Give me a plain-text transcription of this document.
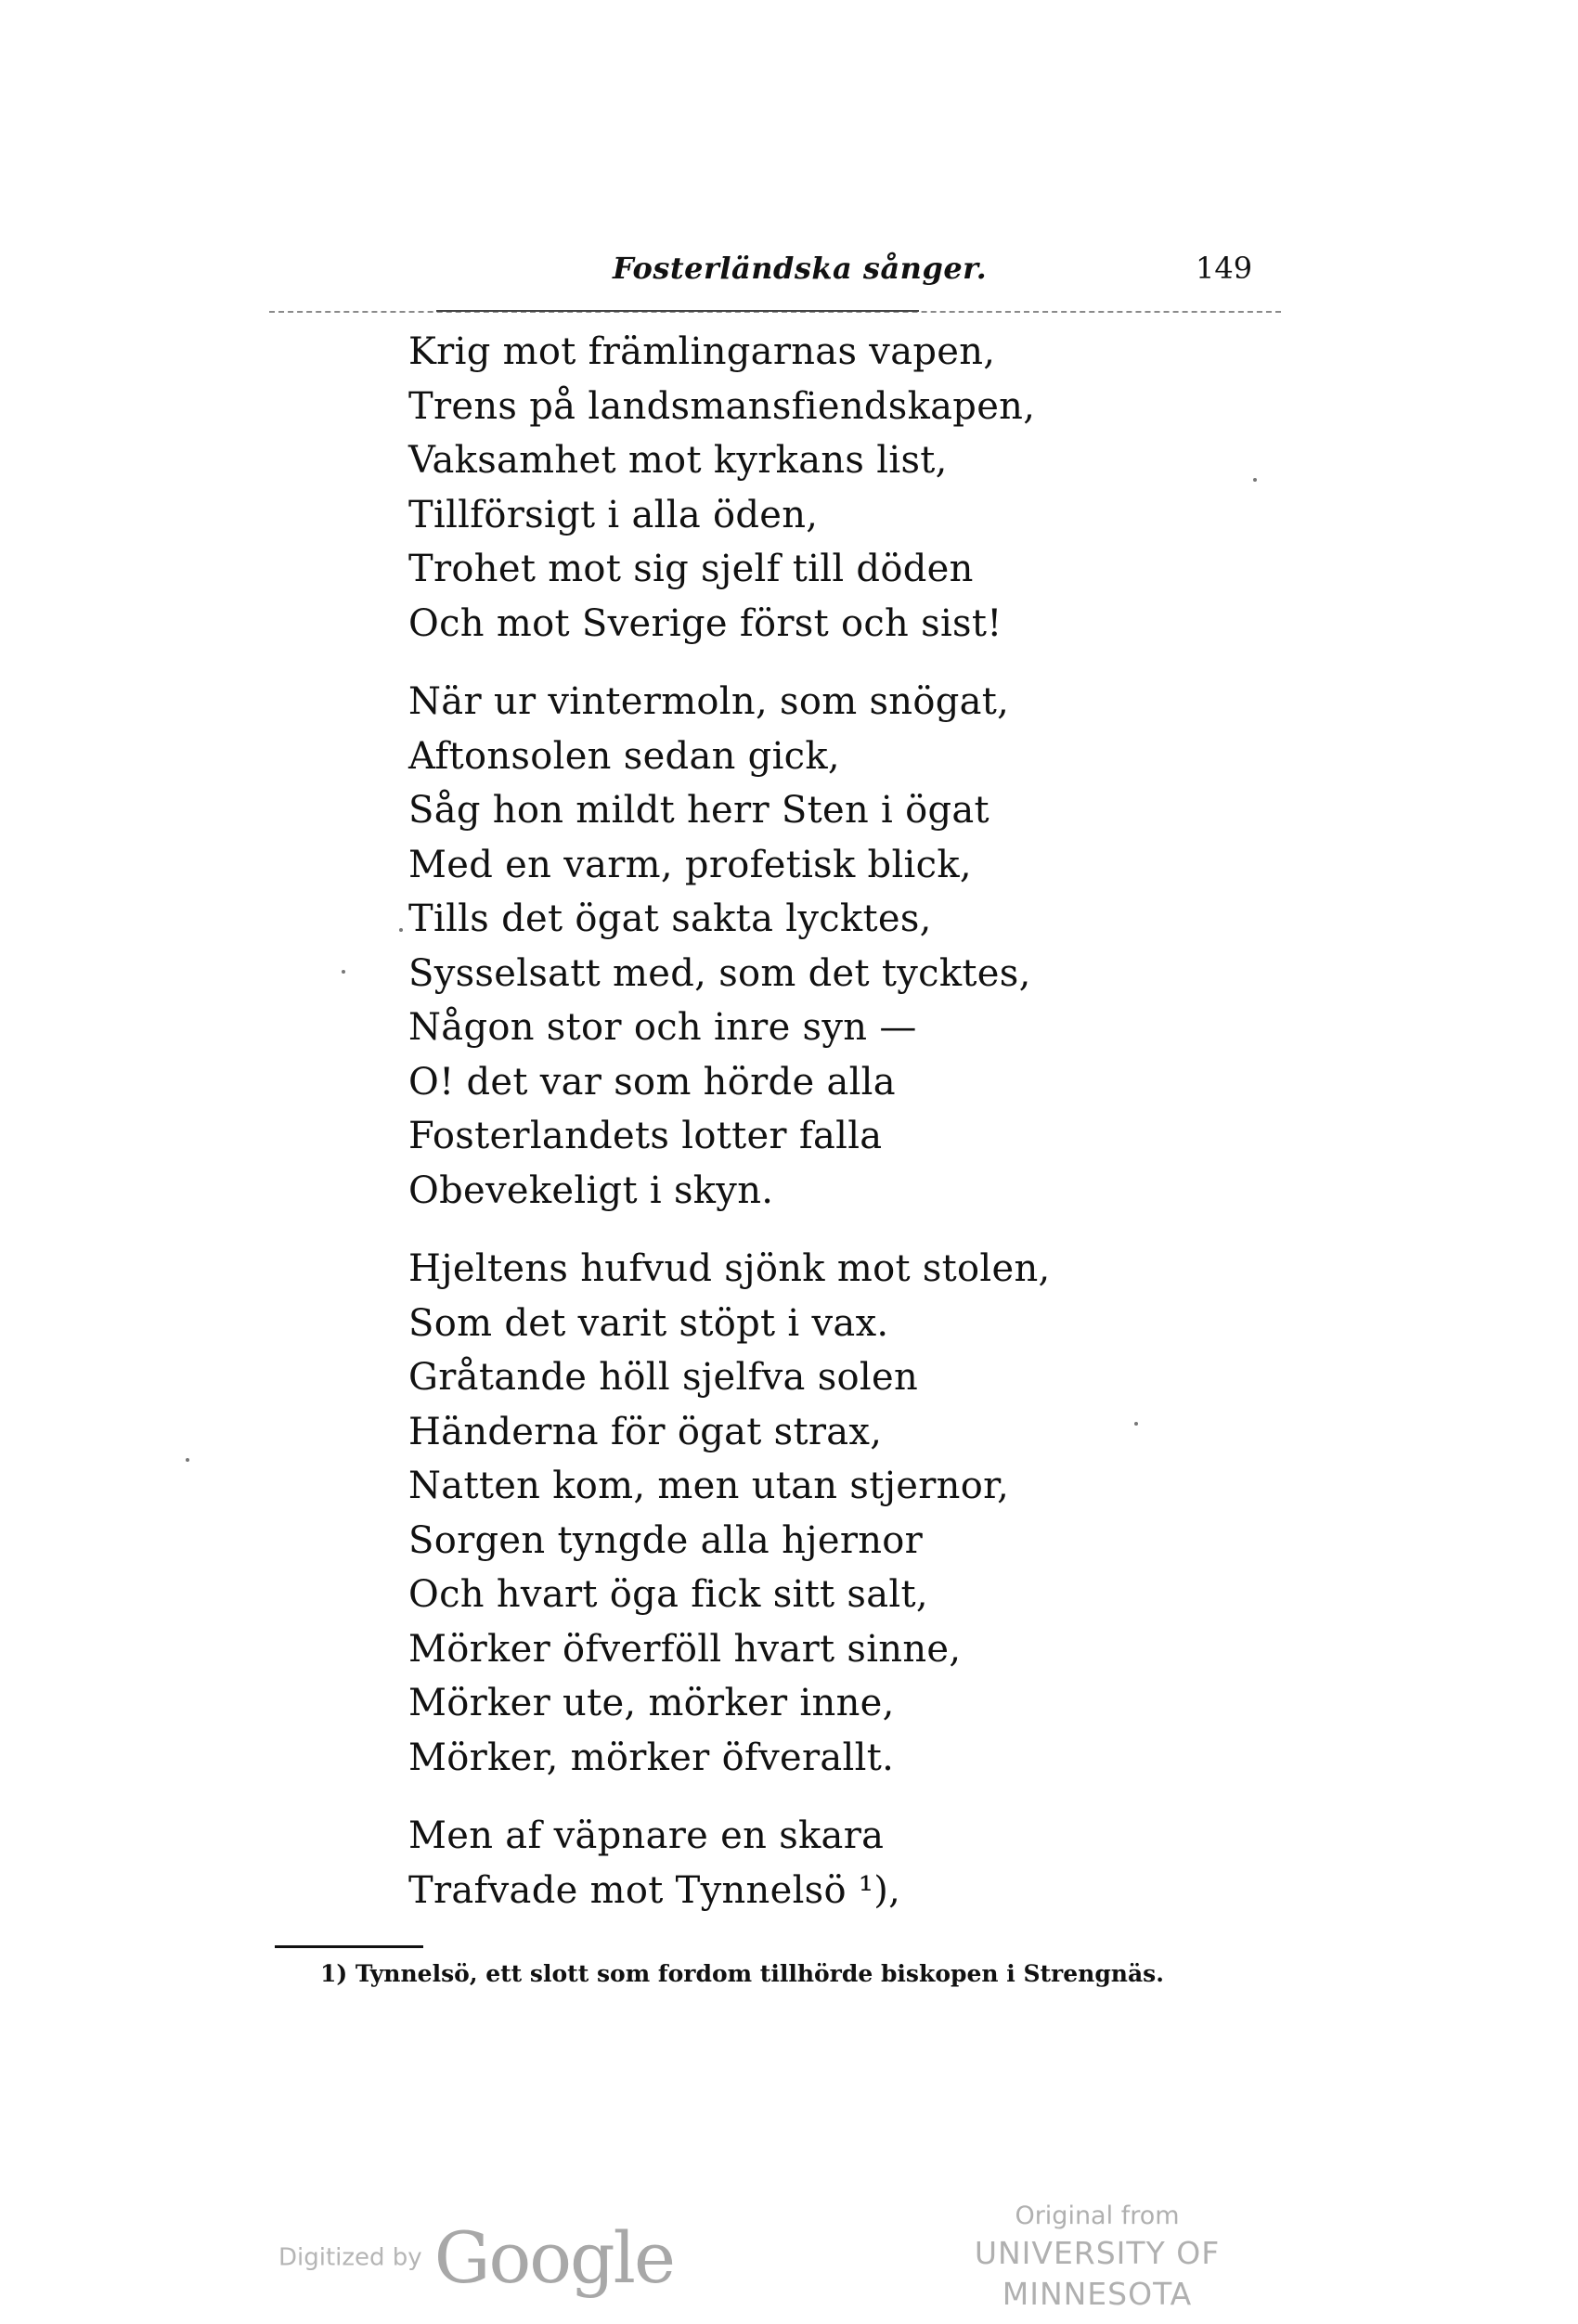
Fosterländska sånger.	149
Krig mot främlingarnas vapen,
Trens på landsmansfiendskapen,
Vaksamhet mot kyrkans list,
Tillförsigt i alla öden,
Trohet mot sig sjelf till döden
Och mot Sverige först och sist!
När ur vintermoln, som snögat,
Aftonsolen sedan gick,
Såg hon mildt herr Sten i ögat
Med en varm, profetisk blick,
Tills det ögat sakta lycktes,
Sysselsatt med, som det tycktes,
Någon stor och inre syn —
O! det var som hörde alla
Fosterlandets lotter falla
Obevekeligt i skyn.
Hjeltens hufvud sjönk mot stolen,
Som det varit stöpt i vax.
Gråtande höll sjelfva solen
Händerna för ögat strax,
Natten kom, men utan stjernor,
Sorgen tyngde alla hjernor
Och hvart öga fick sitt salt,
Mörker öfverföll hvart sinne,
Mörker ute, mörker inne,
Mörker, mörker öfverallt.
Men af väpnare en skara
Trafvade mot Tynnelsö ¹),
1) Tynnelsö, ett slott som fordom tillhörde biskopen i Strengnäs.
Digitized by Google
Original from
UNIVERSITY OF MINNESOTA
